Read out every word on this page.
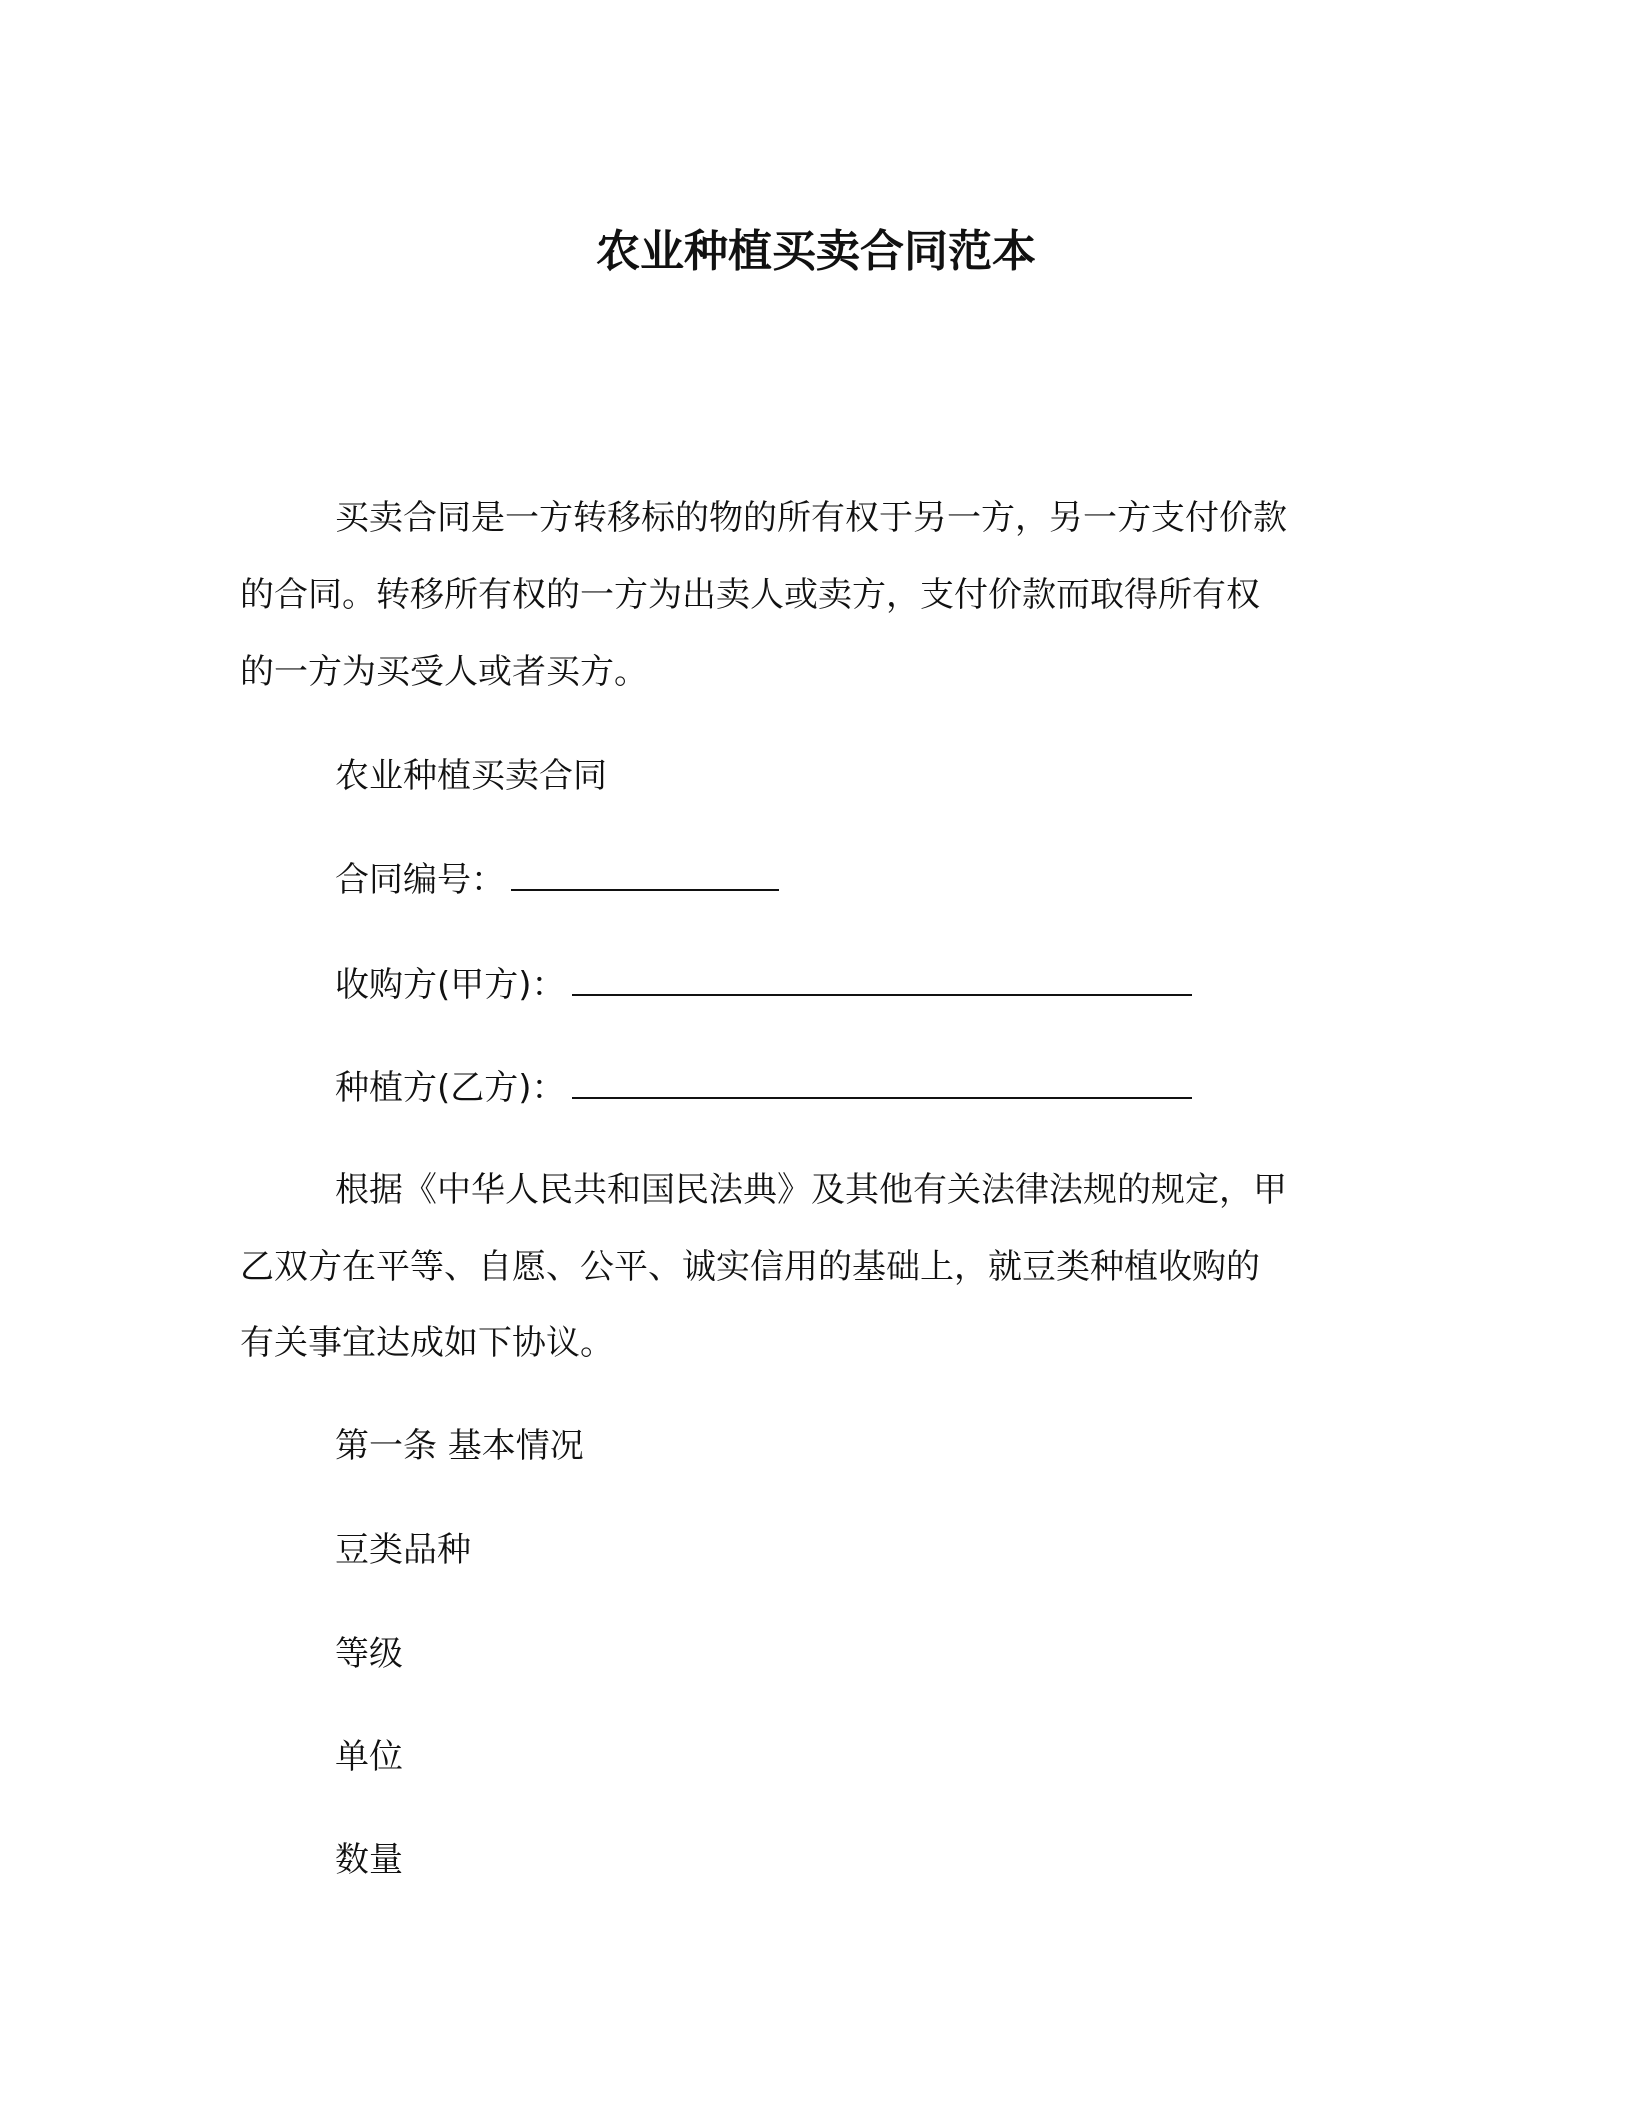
农业种植买卖合同范本
买卖合同是一方转移标的物的所有权于另一方，另一方支付价款
的合同。转移所有权的一方为出卖人或卖方，支付价款而取得所有权
的一方为买受人或者买方。
农业种植买卖合同
合同编号：
收购方(甲方)：
种植方(乙方)：
根据《中华人民共和国民法典》及其他有关法律法规的规定，甲
乙双方在平等、自愿、公平、诚实信用的基础上，就豆类种植收购的
有关事宜达成如下协议。
第一条 基本情况
豆类品种
等级
单位
数量
